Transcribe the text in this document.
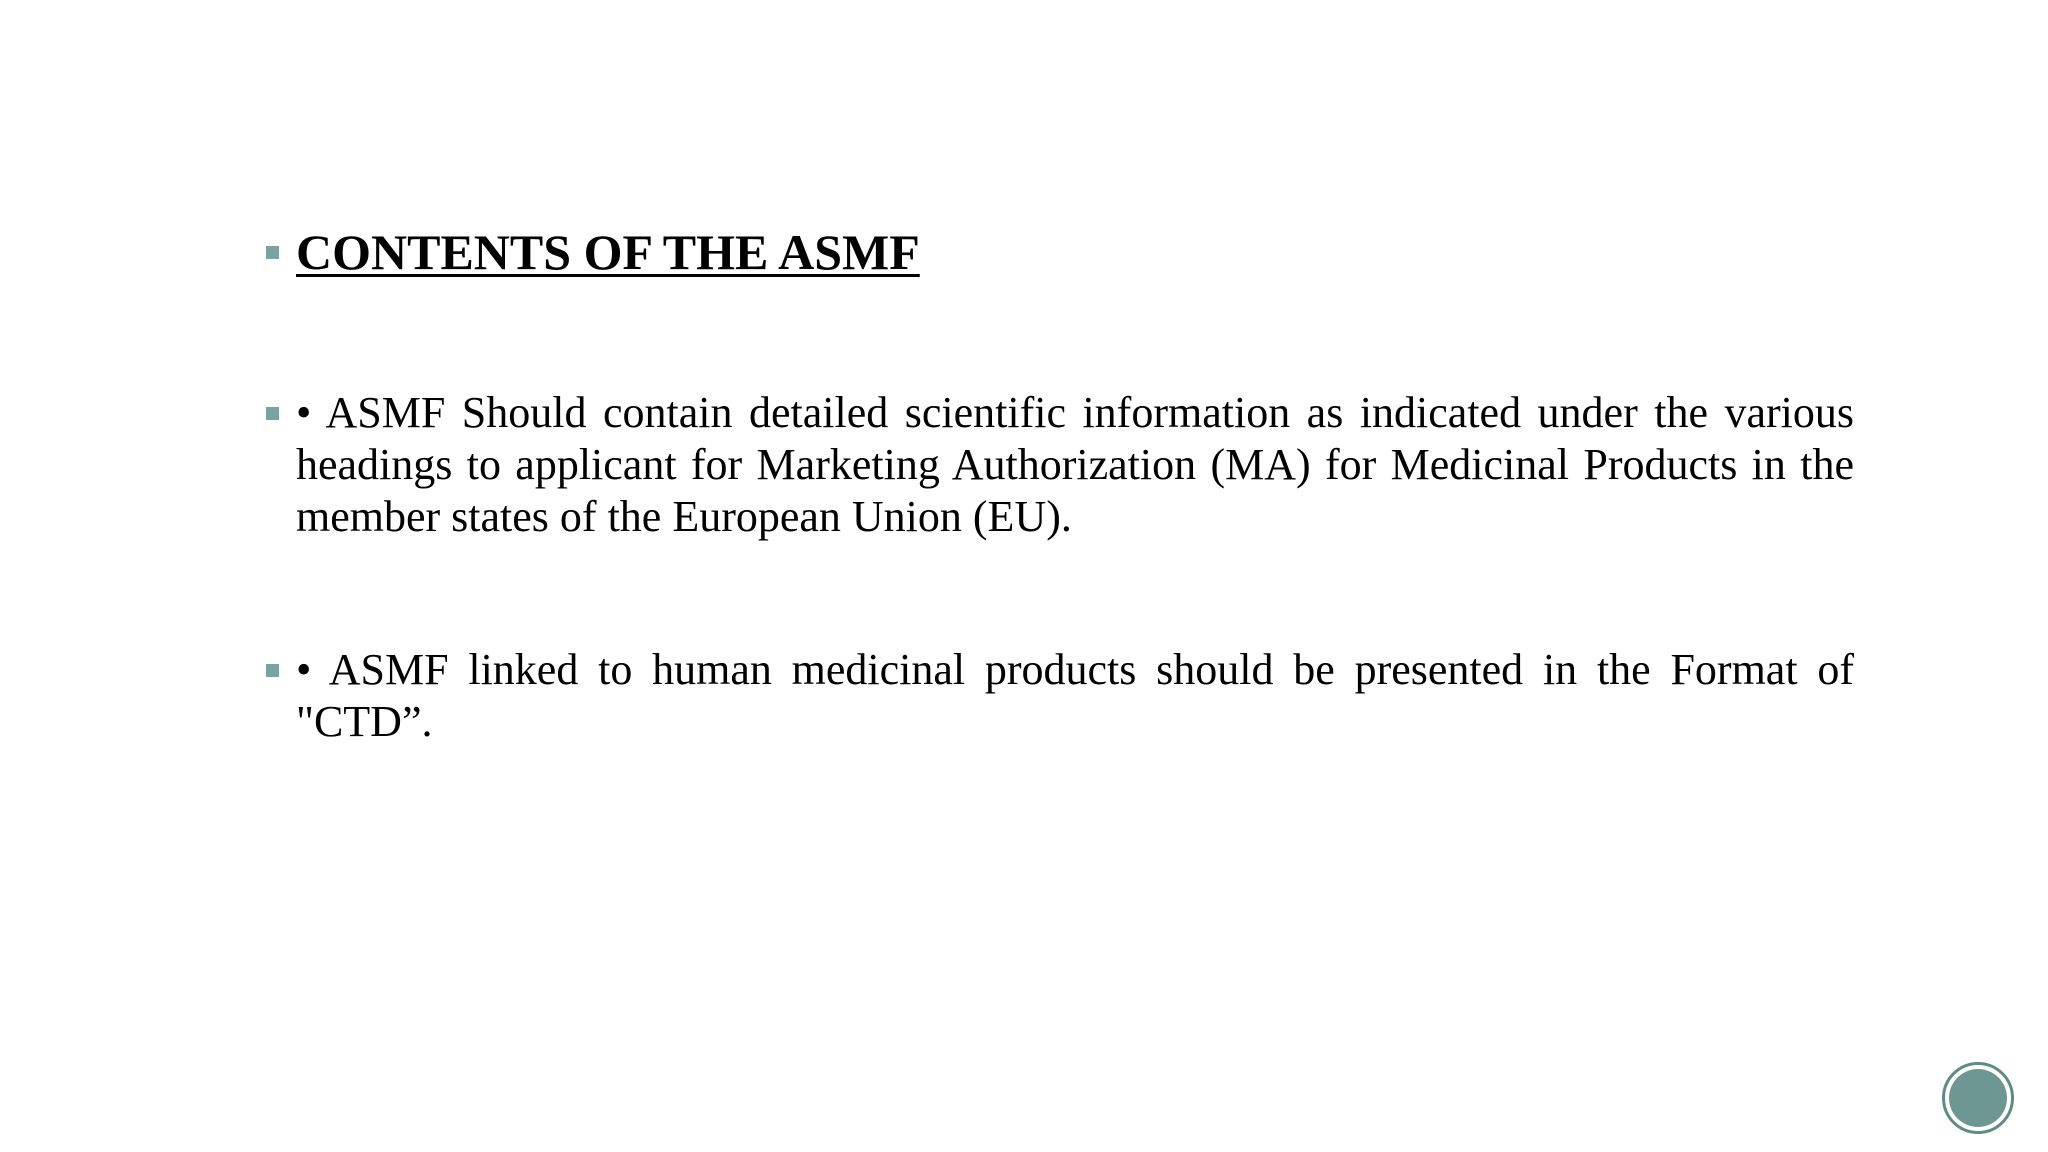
CONTENTS OF THE ASMF
• ASMF Should contain detailed scientific information as indicated under the various headings to applicant for Marketing Authorization (MA) for Medicinal Products in the member states of the European Union (EU).
• ASMF linked to human medicinal products should be presented in the Format of "CTD”.
